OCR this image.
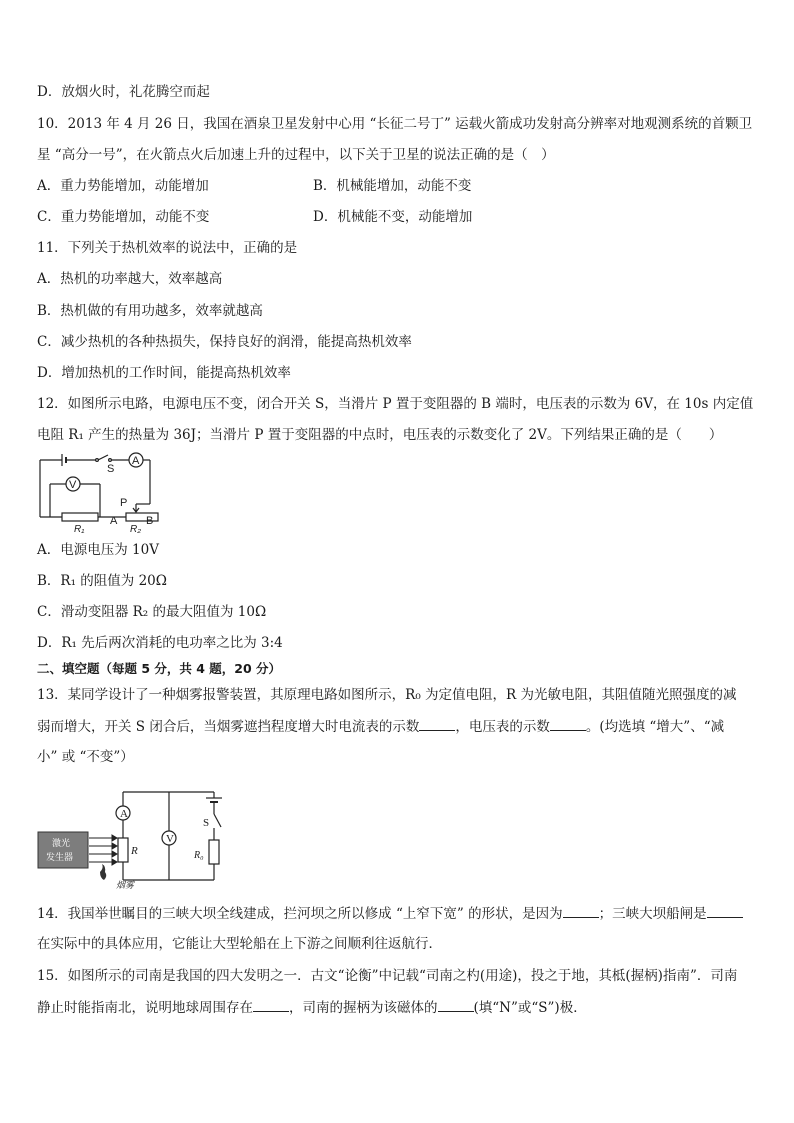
D．放烟火时，礼花腾空而起
10．2013 年 4 月 26 日，我国在酒泉卫星发射中心用 “长征二号丁” 运载火箭成功发射高分辨率对地观测系统的首颗卫
星 “高分一号”，在火箭点火后加速上升的过程中，以下关于卫星的说法正确的是（　）
A．重力势能增加，动能增加	B．机械能增加，动能不变
C．重力势能增加，动能不变	D．机械能不变，动能增加
11．下列关于热机效率的说法中，正确的是
A．热机的功率越大，效率越高
B．热机做的有用功越多，效率就越高
C．减少热机的各种热损失，保持良好的润滑，能提高热机效率
D．增加热机的工作时间，能提高热机效率
12．如图所示电路，电源电压不变，闭合开关 S，当滑片 P 置于变阻器的 B 端时，电压表的示数为 6V，在 10s 内定值
电阻 R₁ 产生的热量为 36J；当滑片 P 置于变阻器的中点时，电压表的示数变化了 2V。下列结果正确的是（　　）
S
A
V
P
R₁	R₂
A	B
A．电源电压为 10V
B．R₁ 的阻值为 20Ω
C．滑动变阻器 R₂ 的最大阻值为 10Ω
D．R₁ 先后两次消耗的电功率之比为 3:4
二、填空题（每题 5 分，共 4 题，20 分）
13．某同学设计了一种烟雾报警装置，其原理电路如图所示，R₀ 为定值电阻，R 为光敏电阻，其阻值随光照强度的减
弱而增大，开关 S 闭合后，当烟雾遮挡程度增大时电流表的示数	，电压表的示数	。(均选填 “增大”、“减
小” 或 “不变”）
激光
发生器
A
V
S
R	R₀
烟雾
14．我国举世瞩目的三峡大坝全线建成，拦河坝之所以修成 “上窄下宽” 的形状，是因为	；三峡大坝船闸是
在实际中的具体应用，它能让大型轮船在上下游之间顺利往返航行．
15．如图所示的司南是我国的四大发明之一．古文“论衡”中记载“司南之杓(用途)，投之于地，其柢(握柄)指南”．司南
静止时能指南北，说明地球周围存在	，司南的握柄为该磁体的	(填“N”或“S”)极．
